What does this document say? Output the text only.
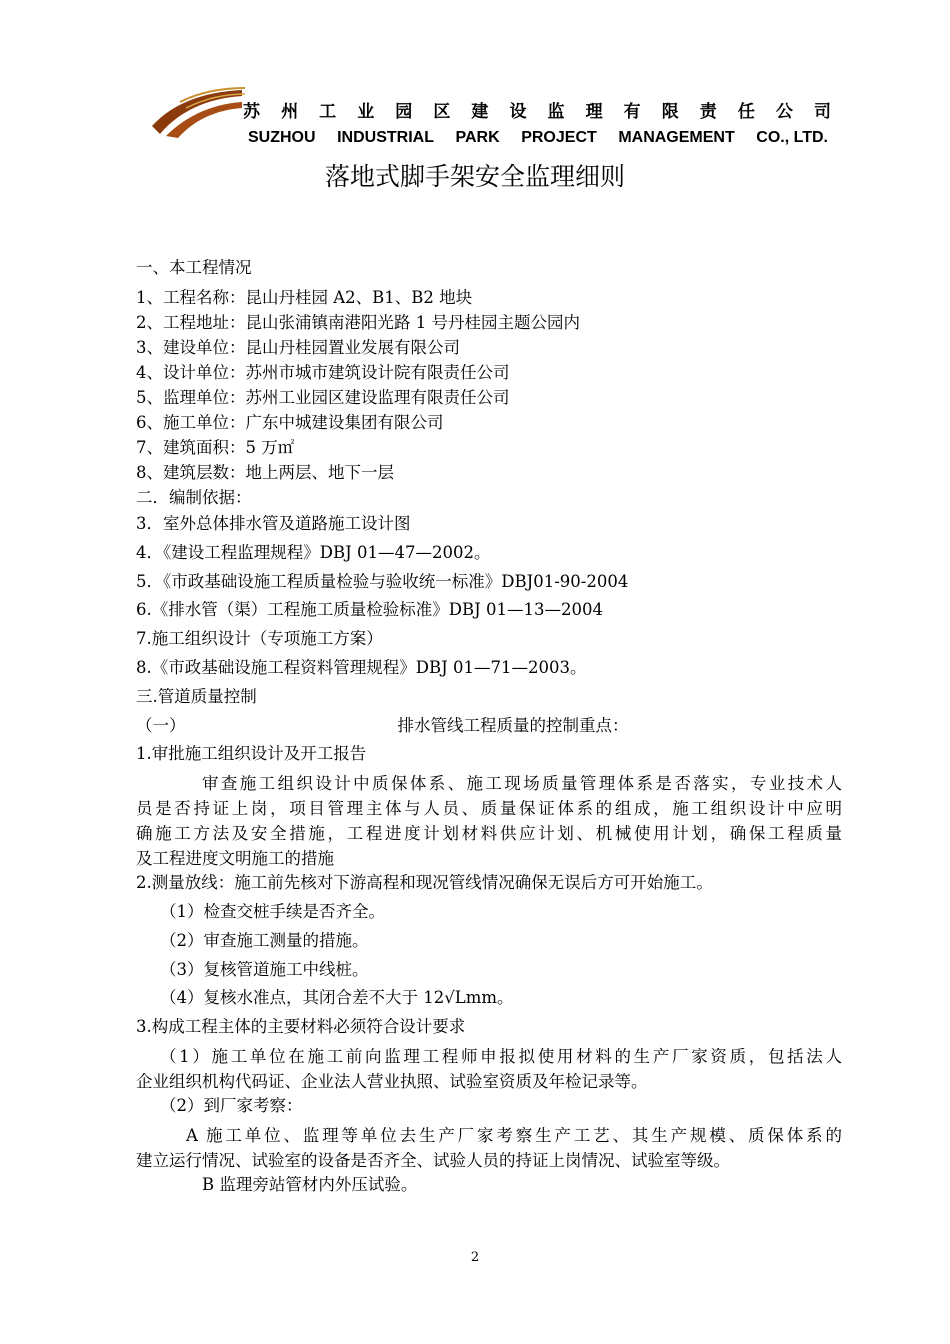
苏 州 工 业 园 区 建 设 监 理 有 限 责 任 公 司
SUZHOU INDUSTRIAL PARK PROJECT MANAGEMENT CO., LTD.
落地式脚手架安全监理细则
一、本工程情况
1、工程名称：昆山丹桂园 A2、B1、B2 地块
2、工程地址：昆山张浦镇南港阳光路 1 号丹桂园主题公园内
3、建设单位：昆山丹桂园置业发展有限公司
4、设计单位：苏州市城市建筑设计院有限责任公司
5、监理单位：苏州工业园区建设监理有限责任公司
6、施工单位：广东中城建设集团有限公司
7、建筑面积：5 万㎡
8、建筑层数：地上两层、地下一层
二．编制依据：
3．室外总体排水管及道路施工设计图
4．《建设工程监理规程》DBJ 01—47—2002。
5．《市政基础设施工程质量检验与验收统一标准》DBJ01-90-2004
6.《排水管（渠）工程施工质量检验标准》DBJ 01—13—2004
7.施工组织设计（专项施工方案）
8.《市政基础设施工程资料管理规程》DBJ 01—71—2003。
三.管道质量控制
（一）	排水管线工程质量的控制重点：
1.审批施工组织设计及开工报告
审查施工组织设计中质保体系、施工现场质量管理体系是否落实，专业技术人
员是否持证上岗，项目管理主体与人员、质量保证体系的组成，施工组织设计中应明
确施工方法及安全措施，工程进度计划材料供应计划、机械使用计划，确保工程质量
及工程进度文明施工的措施
2.测量放线：施工前先核对下游高程和现况管线情况确保无误后方可开始施工。
（1）检查交桩手续是否齐全。
（2）审查施工测量的措施。
（3）复核管道施工中线桩。
（4）复核水准点，其闭合差不大于 12√Lmm。
3.构成工程主体的主要材料必须符合设计要求
（1）施工单位在施工前向监理工程师申报拟使用材料的生产厂家资质，包括法人
企业组织机构代码证、企业法人营业执照、试验室资质及年检记录等。
（2）到厂家考察：
A 施工单位、监理等单位去生产厂家考察生产工艺、其生产规模、质保体系的
建立运行情况、试验室的设备是否齐全、试验人员的持证上岗情况、试验室等级。
B 监理旁站管材内外压试验。
2
